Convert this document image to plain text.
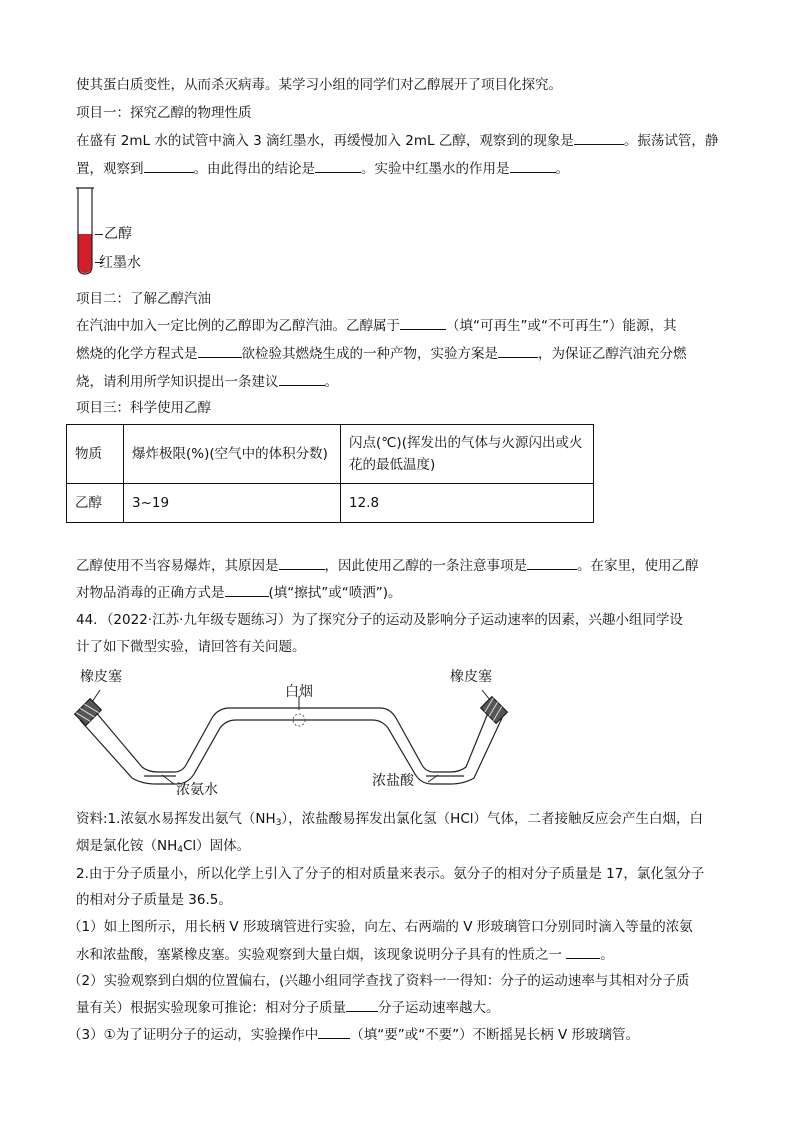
使其蛋白质变性，从而杀灭病毒。某学习小组的同学们对乙醇展开了项目化探究。
项目一：探究乙醇的物理性质
在盛有 2mL 水的试管中滴入 3 滴红墨水，再缓慢加入 2mL 乙醇，观察到的现象是	。振荡试管，静
置，观察到	。由此得出的结论是	。实验中红墨水的作用是	。
乙醇
红墨水
项目二：了解乙醇汽油
在汽油中加入一定比例的乙醇即为乙醇汽油。乙醇属于	（填“可再生”或“不可再生”）能源，其
燃烧的化学方程式是	欲检验其燃烧生成的一种产物，实验方案是	，为保证乙醇汽油充分燃
烧，请利用所学知识提出一条建议	。
项目三：科学使用乙醇
物质	爆炸极限(%)(空气中的体积分数)	闪点(℃)(挥发出的气体与火源闪出或火花的最低温度)
乙醇	3~19	12.8
乙醇使用不当容易爆炸，其原因是	，因此使用乙醇的一条注意事项是	。在家里，使用乙醇
对物品消毒的正确方式是	(填“擦拭”或“喷洒”)。
44．（2022·江苏·九年级专题练习）为了探究分子的运动及影响分子运动速率的因素，兴趣小组同学设
计了如下微型实验，请回答有关问题。
橡皮塞	橡皮塞
白烟
浓氨水
浓盐酸
资料:1.浓氨水易挥发出氨气$(NH_3)$，浓盐酸易挥发出氯化氢（HCl）气体，二者接触反应会产生白烟，白
烟是氯化铵$(NH_4Cl)$固体。
2.由于分子质量小，所以化学上引入了分子的相对质量来表示。氨分子的相对分子质量是 17，氯化氢分子
的相对分子质量是 36.5。
（1）如上图所示，用长柄 V 形玻璃管进行实验，向左、右两端的 V 形玻璃管口分别同时滴入等量的浓氨
水和浓盐酸，塞紧橡皮塞。实验观察到大量白烟，该现象说明分子具有的性质之一	。
（2）实验观察到白烟的位置偏右，(兴趣小组同学查找了资料一一得知：分子的运动速率与其相对分子质
量有关）根据实验现象可推论：相对分子质量 分子运动速率越大。
（3）①为了证明分子的运动，实验操作中 （填“要”或“不要”）不断摇晃长柄 V 形玻璃管。
